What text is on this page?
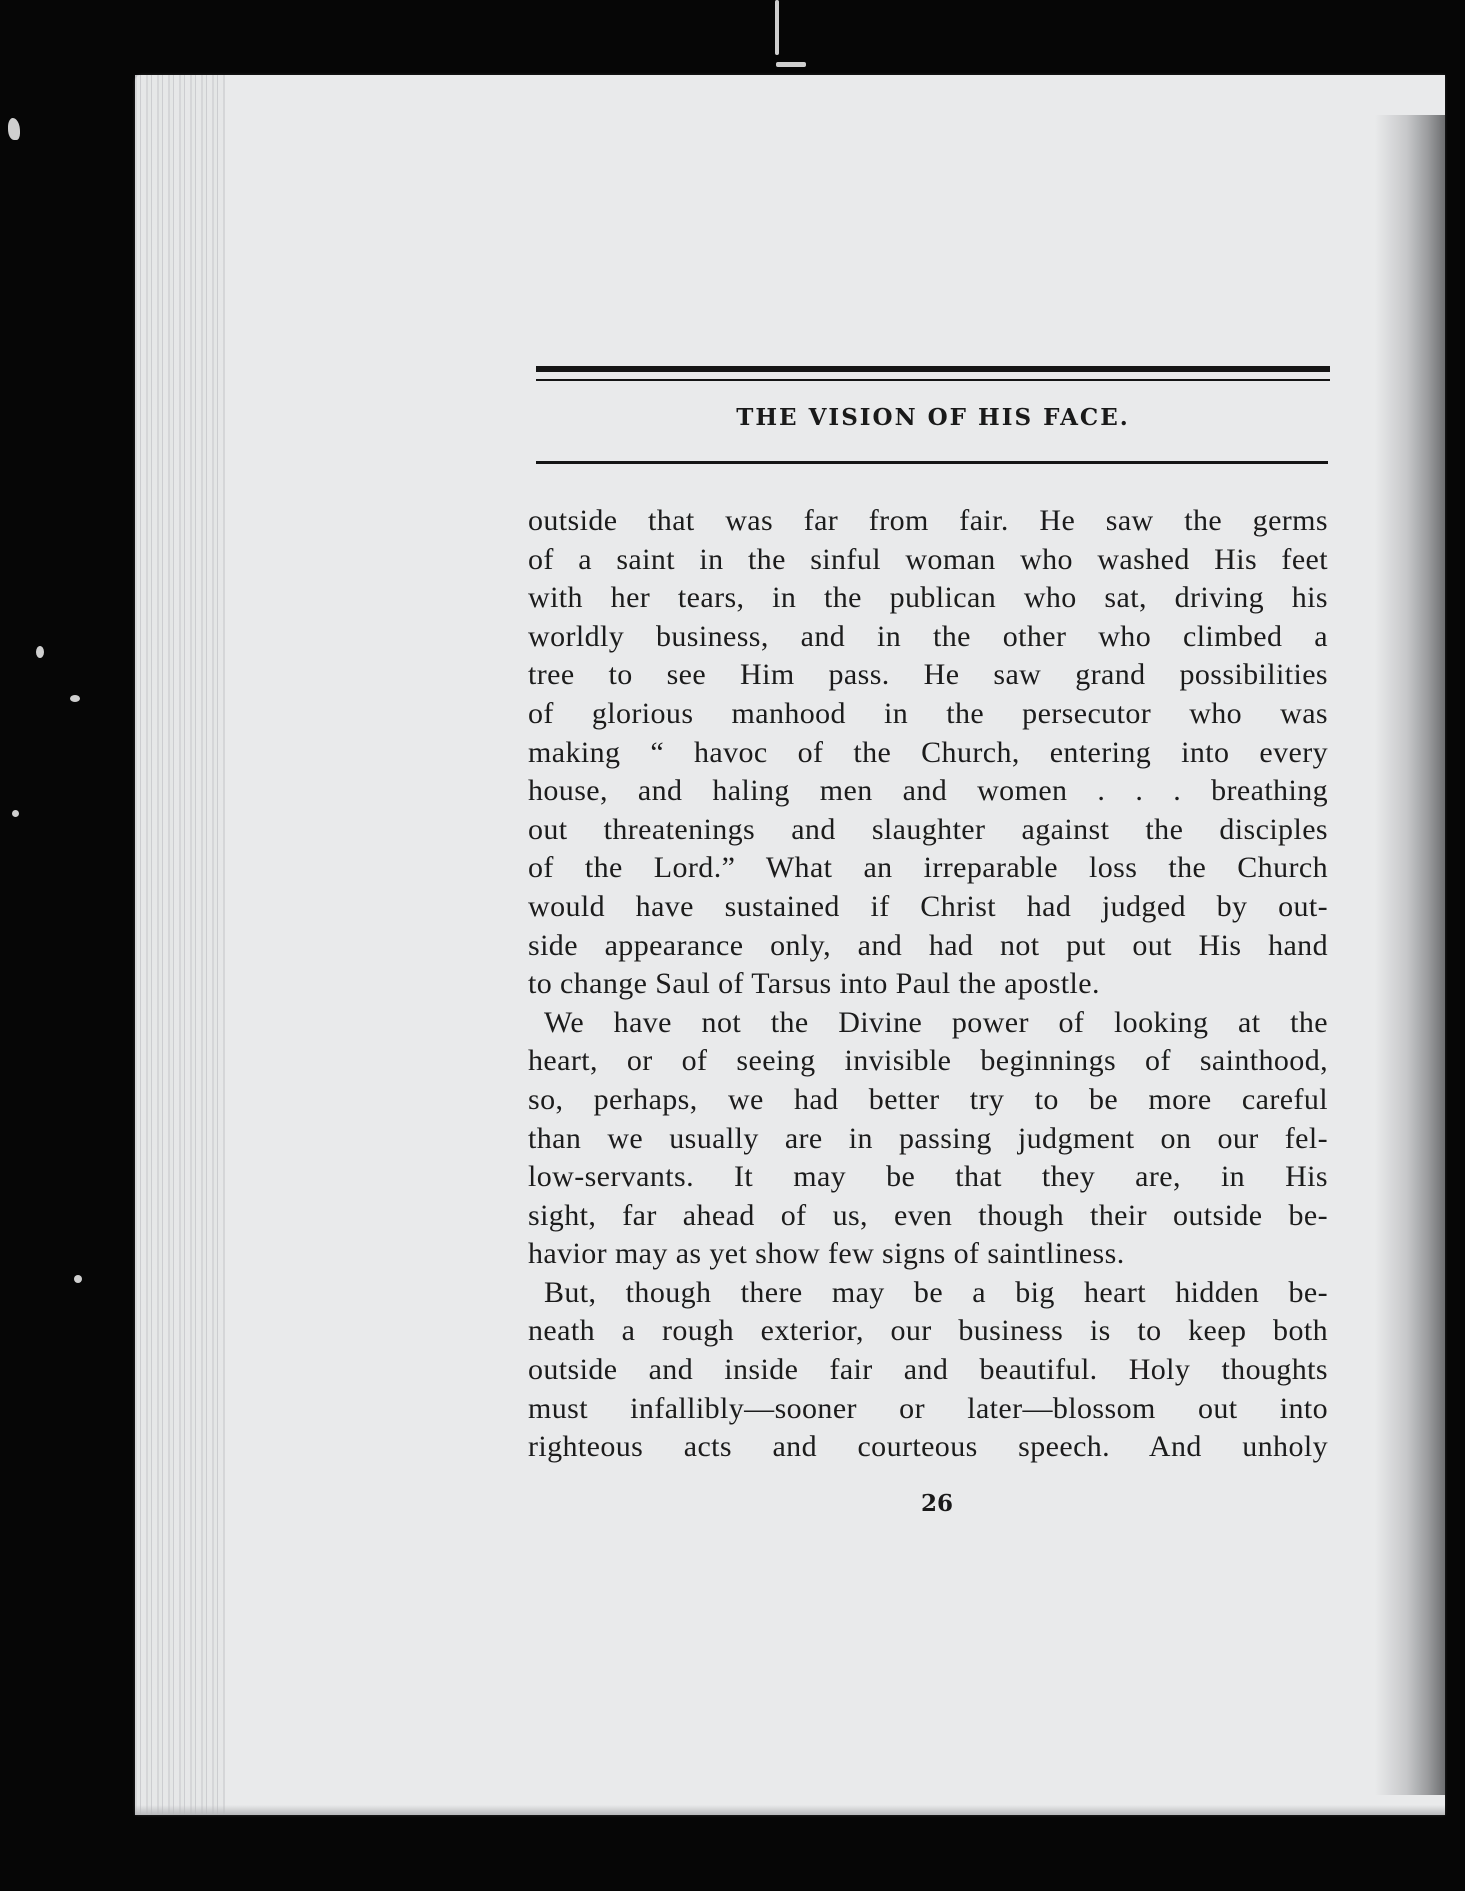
THE VISION OF HIS FACE.
outside that was far from fair. He saw the germs
of a saint in the sinful woman who washed His feet
with her tears, in the publican who sat, driving his
worldly business, and in the other who climbed a
tree to see Him pass. He saw grand possibilities
of glorious manhood in the persecutor who was
making “ havoc of the Church, entering into every
house, and haling men and women . . . breathing
out threatenings and slaughter against the disciples
of the Lord.” What an irreparable loss the Church
would have sustained if Christ had judged by out-
side appearance only, and had not put out His hand
to change Saul of Tarsus into Paul the apostle.
We have not the Divine power of looking at the
heart, or of seeing invisible beginnings of sainthood,
so, perhaps, we had better try to be more careful
than we usually are in passing judgment on our fel-
low-servants. It may be that they are, in His
sight, far ahead of us, even though their outside be-
havior may as yet show few signs of saintliness.
But, though there may be a big heart hidden be-
neath a rough exterior, our business is to keep both
outside and inside fair and beautiful. Holy thoughts
must infallibly—sooner or later—blossom out into
righteous acts and courteous speech. And unholy
26
